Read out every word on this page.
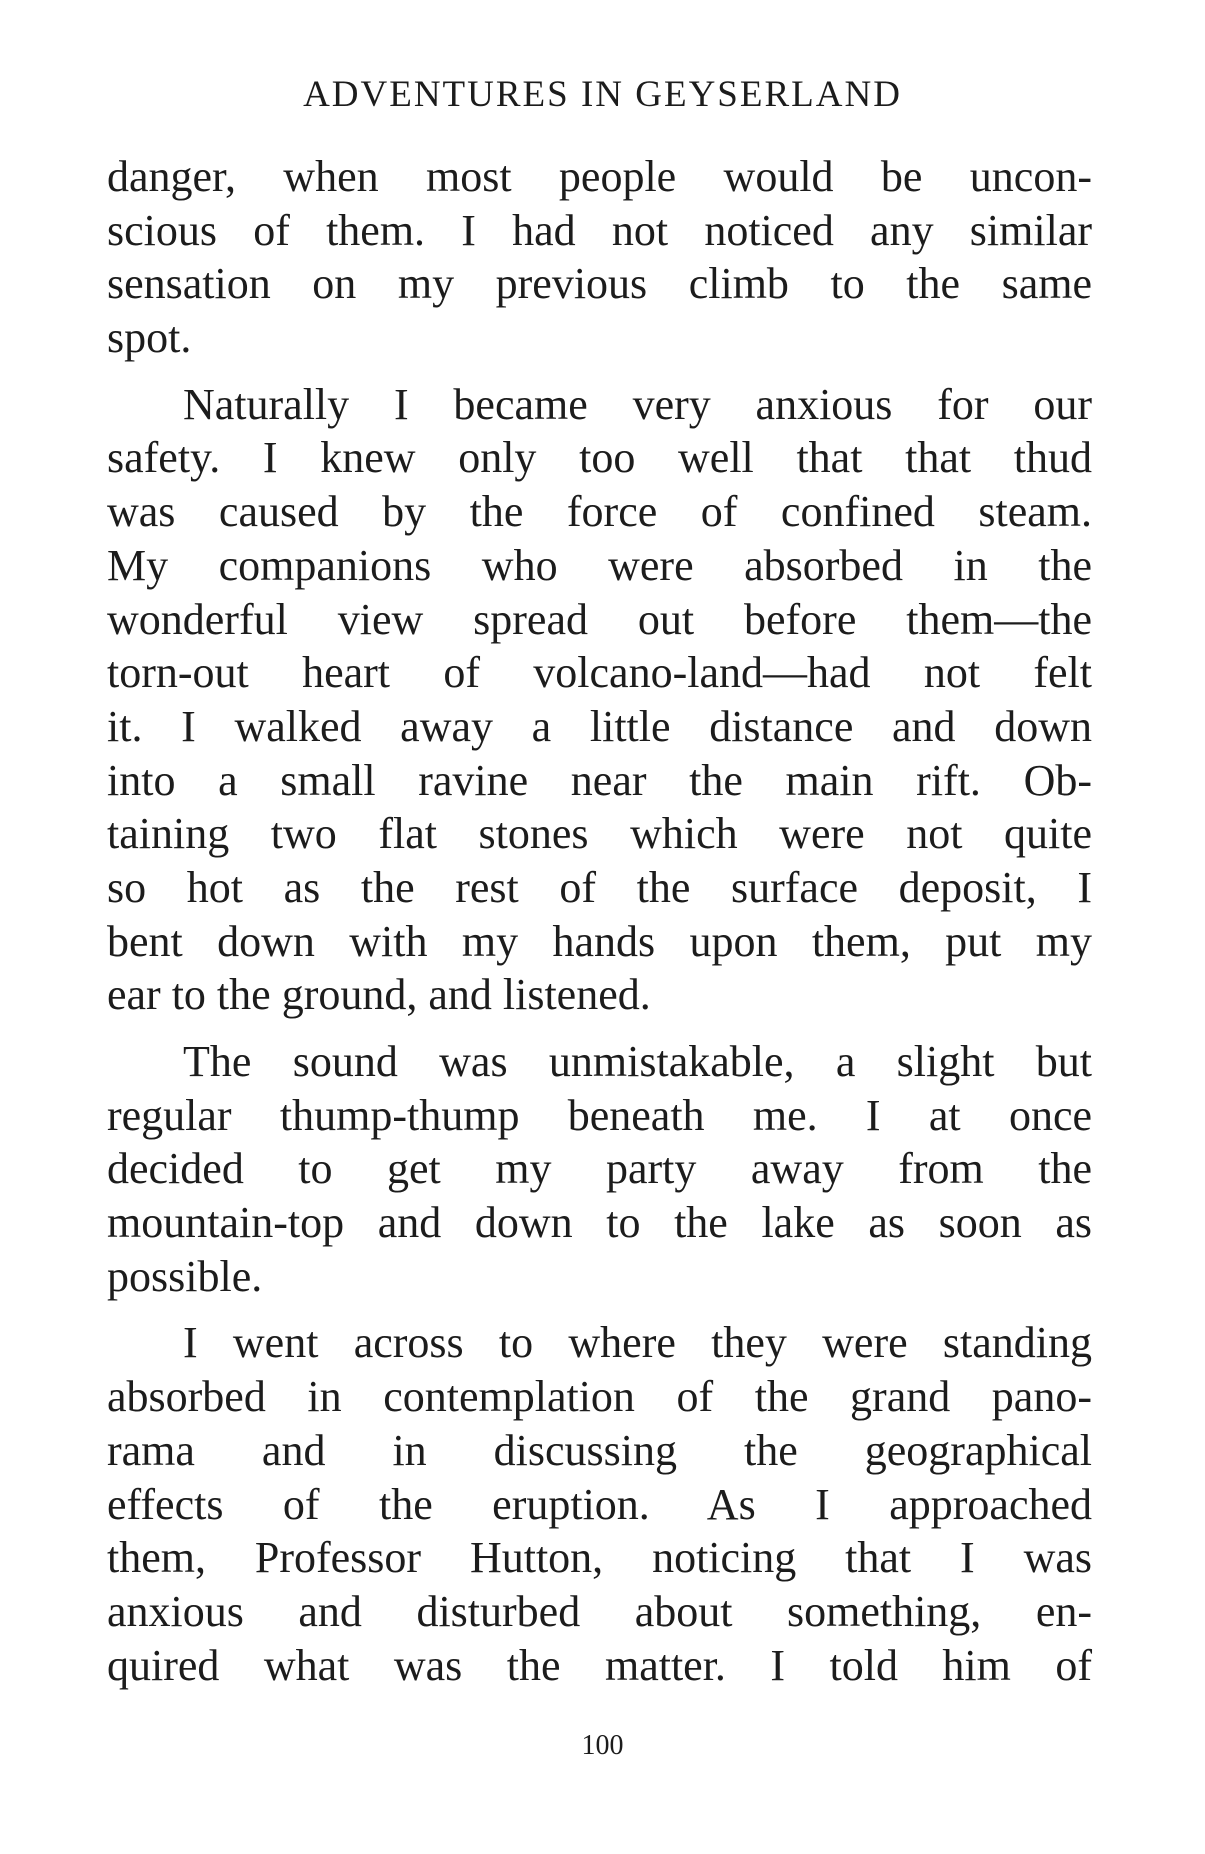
ADVENTURES IN GEYSERLAND

danger, when most people would be uncon-
scious of them. I had not noticed any similar
sensation on my previous climb to the same
spot.

Naturally I became very anxious for our
safety. I knew only too well that that thud
was caused by the force of confined steam.
My companions who were absorbed in the
wonderful view spread out before them—the
torn-out heart of volcano-land—had not felt
it. I walked away a little distance and down
into a small ravine near the main rift. Ob-
taining two flat stones which were not quite
so hot as the rest of the surface deposit, I
bent down with my hands upon them, put my
ear to the ground, and listened.

The sound was unmistakable, a slight but
regular thump-thump beneath me. I at once
decided to get my party away from the
mountain-top and down to the lake as soon as
possible.

I went across to where they were standing
absorbed in contemplation of the grand pano-
rama and in discussing the geographical
effects of the eruption. As I approached
them, Professor Hutton, noticing that I was
anxious and disturbed about something, en-
quired what was the matter. I told him of

100
